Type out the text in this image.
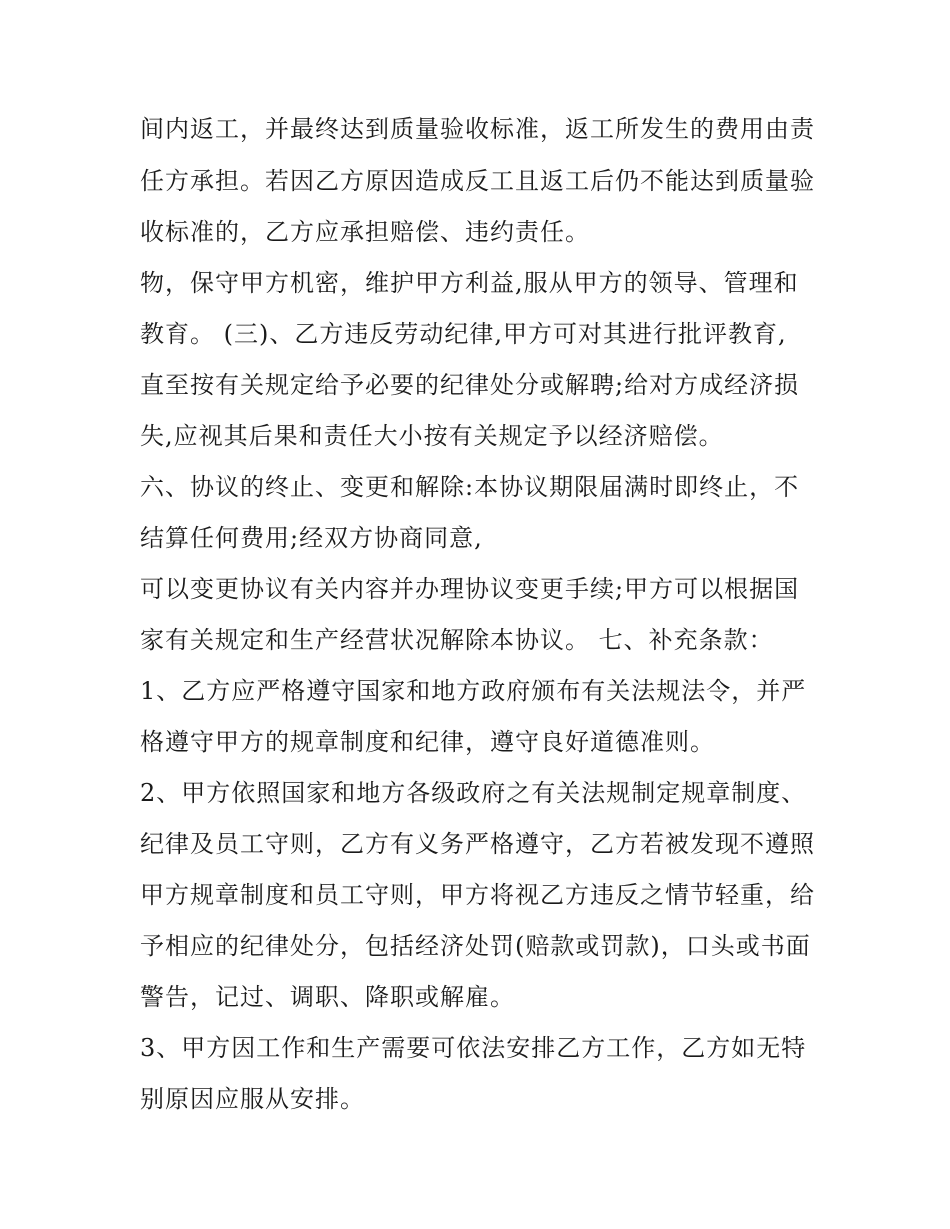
间内返工，并最终达到质量验收标准，返工所发生的费用由责
任方承担。若因乙方原因造成反工且返工后仍不能达到质量验
收标准的，乙方应承担赔偿、违约责任。
物，保守甲方机密，维护甲方利益,服从甲方的领导、管理和
教育。 (三)、乙方违反劳动纪律,甲方可对其进行批评教育,
直至按有关规定给予必要的纪律处分或解聘;给对方成经济损
失,应视其后果和责任大小按有关规定予以经济赔偿。
六、协议的终止、变更和解除:本协议期限届满时即终止，不
结算任何费用;经双方协商同意,
可以变更协议有关内容并办理协议变更手续;甲方可以根据国
家有关规定和生产经营状况解除本协议。 七、补充条款：
1、乙方应严格遵守国家和地方政府颁布有关法规法令，并严
格遵守甲方的规章制度和纪律，遵守良好道德准则。
2、甲方依照国家和地方各级政府之有关法规制定规章制度、
纪律及员工守则，乙方有义务严格遵守，乙方若被发现不遵照
甲方规章制度和员工守则，甲方将视乙方违反之情节轻重，给
予相应的纪律处分，包括经济处罚(赔款或罚款)，口头或书面
警告，记过、调职、降职或解雇。
3、甲方因工作和生产需要可依法安排乙方工作，乙方如无特
别原因应服从安排。
